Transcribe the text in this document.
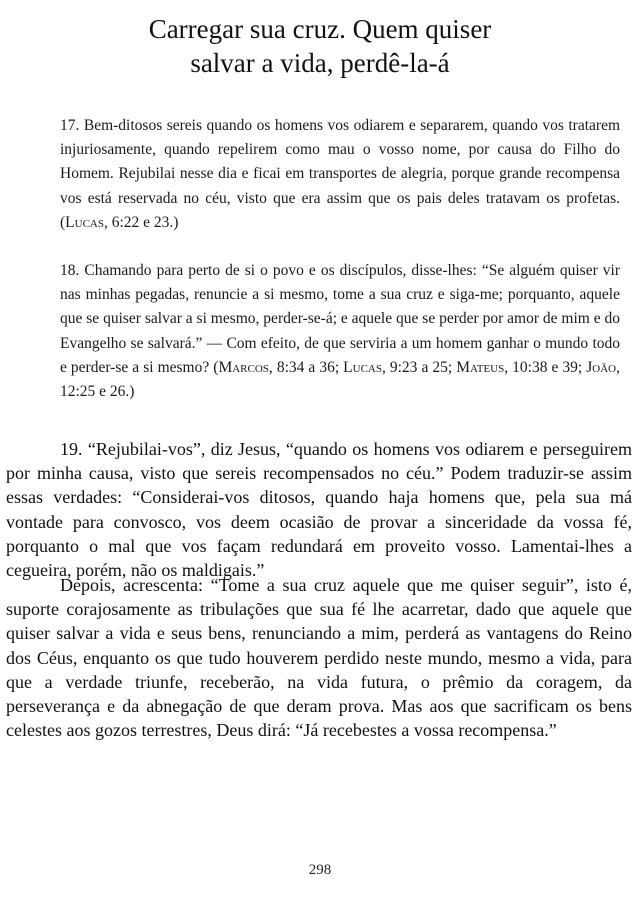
Carregar sua cruz. Quem quiser
salvar a vida, perdê-la-á

17. Bem-ditosos sereis quando os homens vos odiarem e separarem, quando vos tratarem injuriosamente, quando repelirem como mau o vosso nome, por causa do Filho do Homem. Rejubilai nesse dia e ficai em transportes de alegria, porque grande recompensa vos está reservada no céu, visto que era assim que os pais deles tratavam os profetas. (Lucas, 6:22 e 23.)

18. Chamando para perto de si o povo e os discípulos, disse-lhes: “Se alguém quiser vir nas minhas pegadas, renuncie a si mesmo, tome a sua cruz e siga-me; porquanto, aquele que se quiser salvar a si mesmo, perder-se-á; e aquele que se perder por amor de mim e do Evangelho se salvará.” — Com efeito, de que serviria a um homem ganhar o mundo todo e perder-se a si mesmo? (Marcos, 8:34 a 36; Lucas, 9:23 a 25; Mateus, 10:38 e 39; João, 12:25 e 26.)

19. “Rejubilai-vos”, diz Jesus, “quando os homens vos odiarem e perseguirem por minha causa, visto que sereis recompensados no céu.” Podem traduzir-se assim essas verdades: “Considerai-vos ditosos, quando haja homens que, pela sua má vontade para convosco, vos deem ocasião de provar a sinceridade da vossa fé, porquanto o mal que vos façam redundará em proveito vosso. Lamentai-lhes a cegueira, porém, não os maldigais.”

Depois, acrescenta: “Tome a sua cruz aquele que me quiser seguir”, isto é, suporte corajosamente as tribulações que sua fé lhe acarretar, dado que aquele que quiser salvar a vida e seus bens, renunciando a mim, perderá as vantagens do Reino dos Céus, enquanto os que tudo houverem perdido neste mundo, mesmo a vida, para que a verdade triunfe, receberão, na vida futura, o prêmio da coragem, da perseverança e da abnegação de que deram prova. Mas aos que sacrificam os bens celestes aos gozos terrestres, Deus dirá: “Já recebestes a vossa recompensa.”

298
